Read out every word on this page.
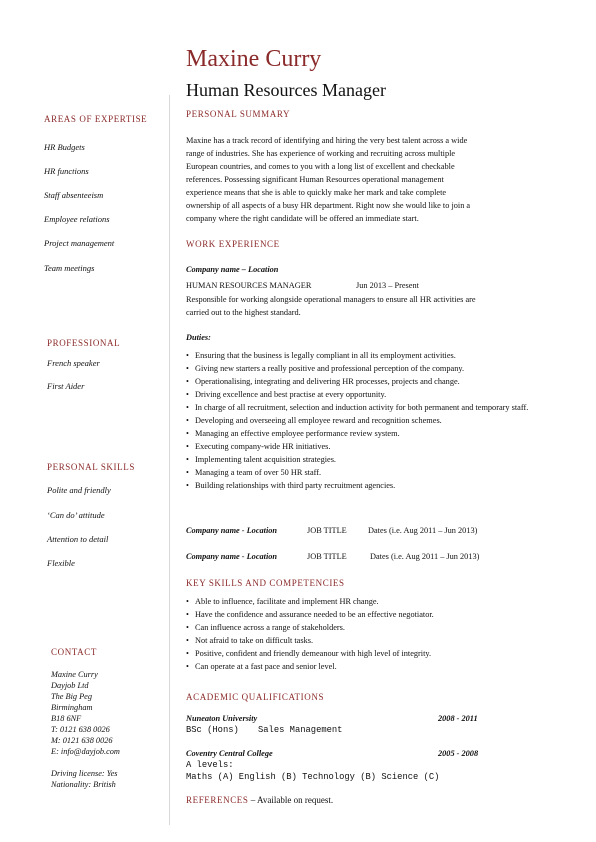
Maxine Curry
Human Resources Manager
AREAS OF EXPERTISE
HR Budgets
HR functions
Staff absenteeism
Employee relations
Project management
Team meetings
PROFESSIONAL
French speaker
First Aider
PERSONAL SKILLS
Polite and friendly
‘Can do’ attitude
Attention to detail
Flexible
CONTACT
Maxine Curry
Dayjob Ltd
The Big Peg
Birmingham
B18 6NF
T: 0121 638 0026
M: 0121 638 0026
E: info@dayjob.com
Driving license: Yes
Nationality: British
PERSONAL SUMMARY
Maxine has a track record of identifying and hiring the very best talent across a wide
range of industries. She has experience of working and recruiting across multiple
European countries, and comes to you with a long list of excellent and checkable
references. Possessing significant Human Resources operational management
experience means that she is able to quickly make her mark and take complete
ownership of all aspects of a busy HR department. Right now she would like to join a
company where the right candidate will be offered an immediate start.
WORK EXPERIENCE
Company name – Location
HUMAN RESOURCES MANAGER	Jun 2013 – Present
Responsible for working alongside operational managers to ensure all HR activities are
carried out to the highest standard.
Duties:
• Ensuring that the business is legally compliant in all its employment activities.
• Giving new starters a really positive and professional perception of the company.
• Operationalising, integrating and delivering HR processes, projects and change.
• Driving excellence and best practise at every opportunity.
• In charge of all recruitment, selection and induction activity for both permanent and temporary staff.
• Developing and overseeing all employee reward and recognition schemes.
• Managing an effective employee performance review system.
• Executing company-wide HR initiatives.
• Implementing talent acquisition strategies.
• Managing a team of over 50 HR staff.
• Building relationships with third party recruitment agencies.
Company name - Location	JOB TITLE	Dates (i.e. Aug 2011 – Jun 2013)
Company name - Location	JOB TITLE	Dates (i.e. Aug 2011 – Jun 2013)
KEY SKILLS AND COMPETENCIES
• Able to influence, facilitate and implement HR change.
• Have the confidence and assurance needed to be an effective negotiator.
• Can influence across a range of stakeholders.
• Not afraid to take on difficult tasks.
• Positive, confident and friendly demeanour with high level of integrity.
• Can operate at a fast pace and senior level.
ACADEMIC QUALIFICATIONS
Nuneaton University	2008 - 2011
BSc (Hons) Sales Management
Coventry Central College	2005 - 2008
A levels:
Maths (A) English (B) Technology (B) Science (C)
REFERENCES – Available on request.
